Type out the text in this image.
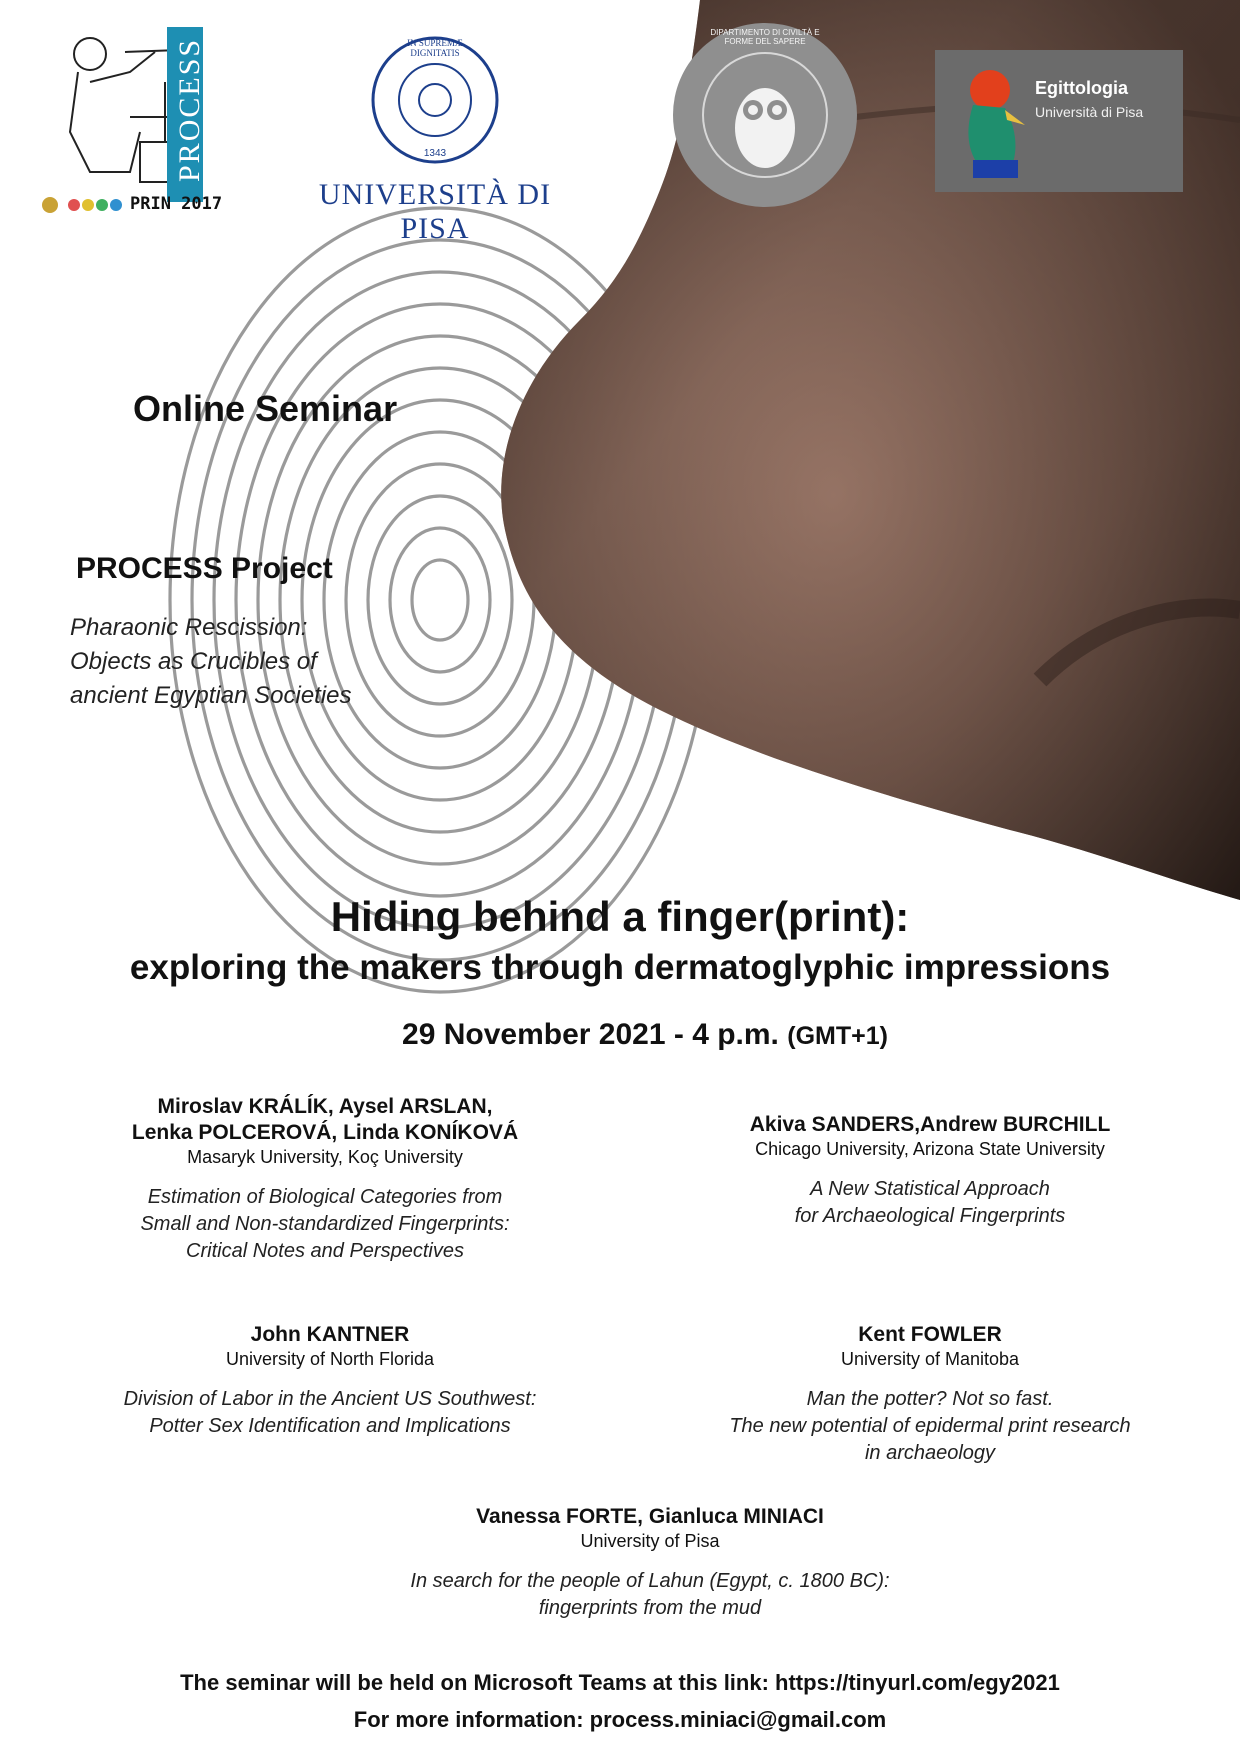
PROCESS
PRIN 2017
IN SUPREMÆ DIGNITATIS
1343
UNIVERSITÀ DI PISA
DIPARTIMENTO DI CIVILTÀ E FORME DEL SAPERE
Egittologia
Università di Pisa
Online Seminar
PROCESS Project
Pharaonic Rescission:
Objects as Crucibles of
ancient Egyptian Societies
Hiding behind a finger(print):
exploring the makers through dermatoglyphic impressions
29 November 2021 - 4 p.m. (GMT+1)
Miroslav KRÁLÍK, Aysel ARSLAN,
Lenka POLCEROVÁ, Linda KONÍKOVÁ
Masaryk University, Koç University
Estimation of Biological Categories from
Small and Non-standardized Fingerprints:
Critical Notes and Perspectives
Akiva SANDERS,Andrew BURCHILL
Chicago University, Arizona State University
A New Statistical Approach
for Archaeological Fingerprints
John KANTNER
University of North Florida
Division of Labor in the Ancient US Southwest:
Potter Sex Identification and Implications
Kent FOWLER
University of Manitoba
Man the potter? Not so fast.
The new potential of epidermal print research
in archaeology
Vanessa FORTE, Gianluca MINIACI
University of Pisa
In search for the people of Lahun (Egypt, c. 1800 BC):
fingerprints from the mud
The seminar will be held on Microsoft Teams at this link: https://tinyurl.com/egy2021
For more information: process.miniaci@gmail.com
